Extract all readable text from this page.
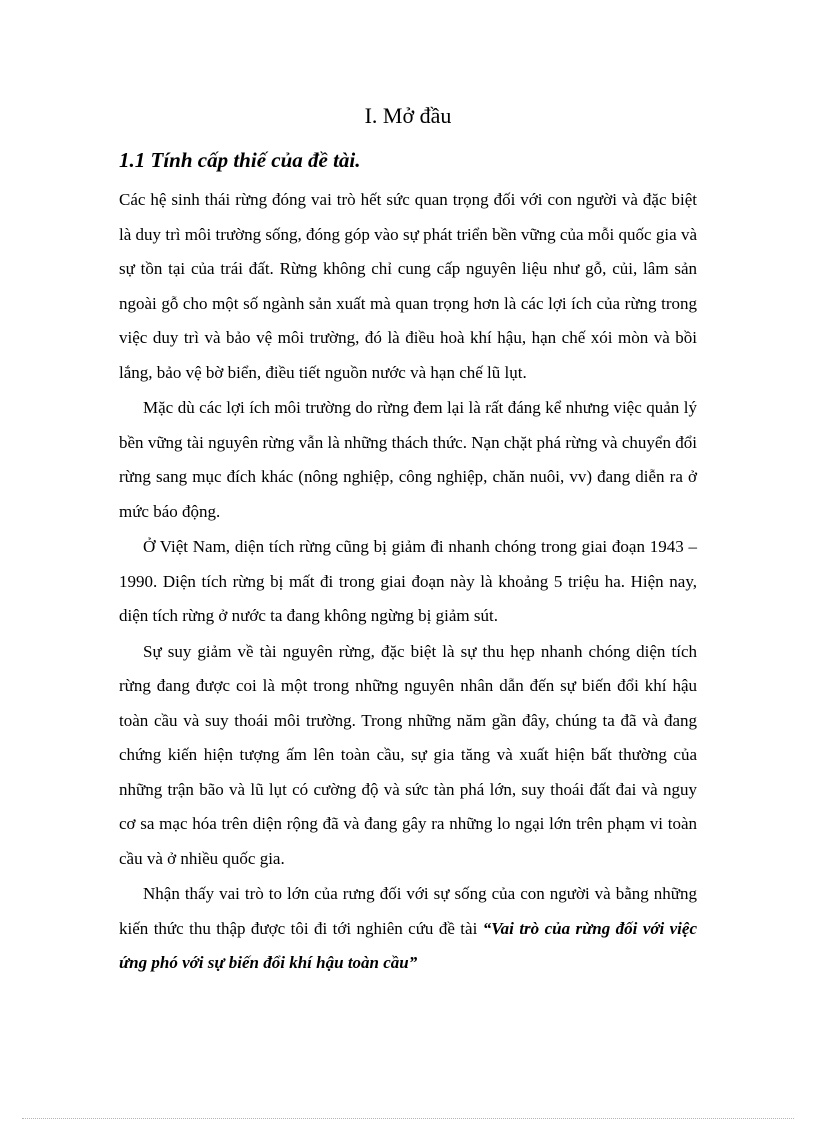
I. Mở đầu
1.1 Tính cấp thiế của đề tài.

Các hệ sinh thái rừng đóng vai trò hết sức quan trọng đối với con người và đặc biệt là duy trì môi trường sống, đóng góp vào sự phát triển bền vững của mỗi quốc gia và sự tồn tại của trái đất. Rừng không chỉ cung cấp nguyên liệu như gỗ, củi, lâm sản ngoài gỗ cho một số ngành sản xuất mà quan trọng hơn là các lợi ích của rừng trong việc duy trì và bảo vệ môi trường, đó là điều hoà khí hậu, hạn chế xói mòn và bồi lắng, bảo vệ bờ biển, điều tiết nguồn nước và hạn chế lũ lụt.

Mặc dù các lợi ích môi trường do rừng đem lại là rất đáng kể nhưng việc quản lý bền vững tài nguyên rừng vẫn là những thách thức. Nạn chặt phá rừng và chuyển đổi rừng sang mục đích khác (nông nghiệp, công nghiệp, chăn nuôi, vv) đang diễn ra ở mức báo động.

Ở Việt Nam, diện tích rừng cũng bị giảm đi nhanh chóng trong giai đoạn 1943 – 1990. Diện tích rừng bị mất đi trong giai đoạn này là khoảng 5 triệu ha. Hiện nay, diện tích rừng ở nước ta đang không ngừng bị giảm sút.

Sự suy giảm về tài nguyên rừng, đặc biệt là sự thu hẹp nhanh chóng diện tích rừng đang được coi là một trong những nguyên nhân dẫn đến sự biến đổi khí hậu toàn cầu và suy thoái môi trường. Trong những năm gần đây, chúng ta đã và đang chứng kiến hiện tượng ấm lên toàn cầu, sự gia tăng và xuất hiện bất thường của những trận bão và lũ lụt có cường độ và sức tàn phá lớn, suy thoái đất đai và nguy cơ sa mạc hóa trên diện rộng đã và đang gây ra những lo ngại lớn trên phạm vi toàn cầu và ở nhiều quốc gia.

Nhận thấy vai trò to lớn của rưng đối với sự sống của con người và bằng những kiến thức thu thập được tôi đi tới nghiên cứu đề tài “Vai trò của rừng đối với việc ứng phó với sự biến đổi khí hậu toàn cầu”
